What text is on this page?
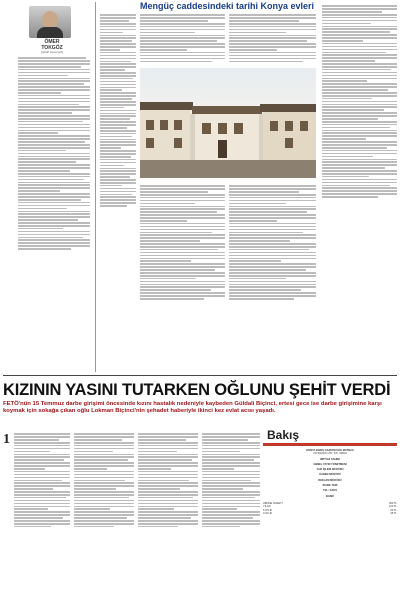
ÖMER
TOKGÖZ
[email protected]
Mengüç caddesindeki tarihi Konya evleri
KIZININ YASINI TUTARKEN OĞLUNU ŞEHİT VERDİ
FETÖ'nün 15 Temmuz darbe girişimi öncesinde kızını hastalık nedeniyle kaybeden Güldali Biçinci, ertesi gece ise darbe girişimine karşı koymak için sokağa çıkan oğlu Lokman Biçinci'nin şehadet haberiyle ikinci kez evlat acısı yaşadı.
1	Bakış
KONYA BAKIŞ GAZETECİLİK MATBAA
YAYINCILIK LTD. ŞTİ. ADINA
İMTİYAZ SAHİBİ
GENEL YAYIN YÖNETMENİ
YAZI İŞLERİ MÜDÜRÜ
HABER MÜDÜRÜ
REKLAM MÜDÜRÜ
İDARE YERİ
TEL / FAKS
BASKI
ABONE ÜCRETİ	300 TL
YILLIK	120 TL
6 AYLIK	60 TL
3 AYLIK	35 TL
